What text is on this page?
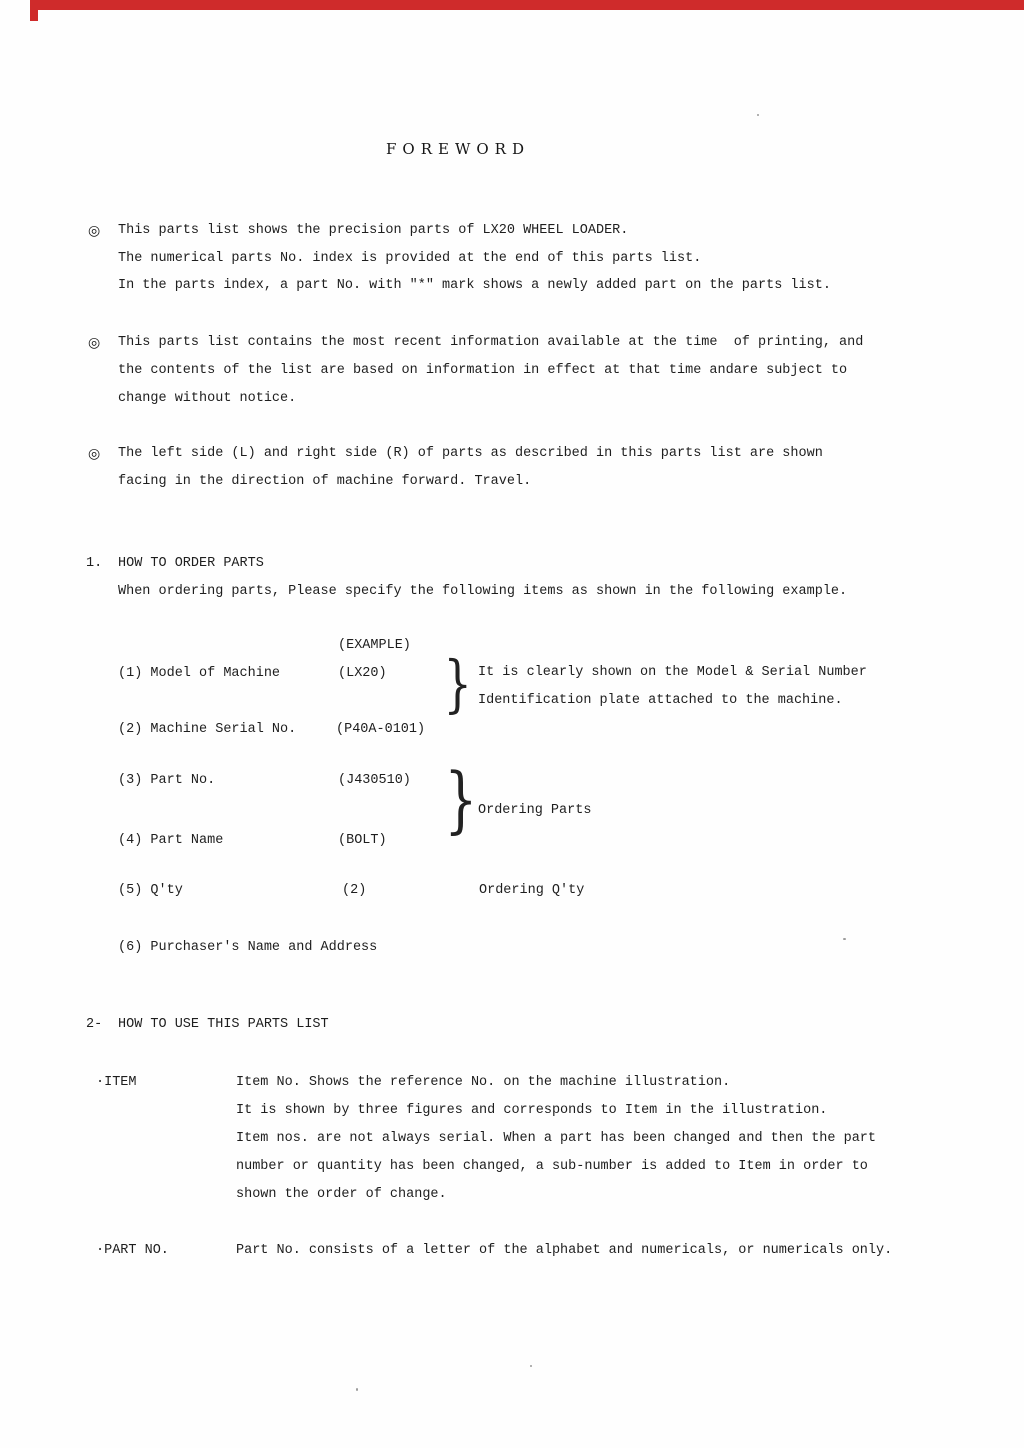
FOREWORD
◎ This parts list shows the precision parts of LX20 WHEEL LOADER.
The numerical parts No. index is provided at the end of this parts list.
In the parts index, a part No. with "*" mark shows a newly added part on the parts list.
◎ This parts list contains the most recent information available at the time  of printing, and
the contents of the list are based on information in effect at that time andare subject to
change without notice.
◎ The left side (L) and right side (R) of parts as described in this parts list are shown
facing in the direction of machine forward. Travel.
1. HOW TO ORDER PARTS
When ordering parts, Please specify the following items as shown in the following example.
(EXAMPLE)
(1) Model of Machine	(LX20) } It is clearly shown on the Model & Serial Number
Identification plate attached to the machine.
(2) Machine Serial No.	(P40A-0101)
(3) Part No.	(J430510) } Ordering Parts
(4) Part Name	(BOLT)
(5) Q'ty	(2)	Ordering Q'ty
(6) Purchaser's Name and Address
2- HOW TO USE THIS PARTS LIST
·ITEM	Item No. Shows the reference No. on the machine illustration.
It is shown by three figures and corresponds to Item in the illustration.
Item nos. are not always serial. When a part has been changed and then the part
number or quantity has been changed, a sub-number is added to Item in order to
shown the order of change.
·PART NO.	Part No. consists of a letter of the alphabet and numericals, or numericals only.
